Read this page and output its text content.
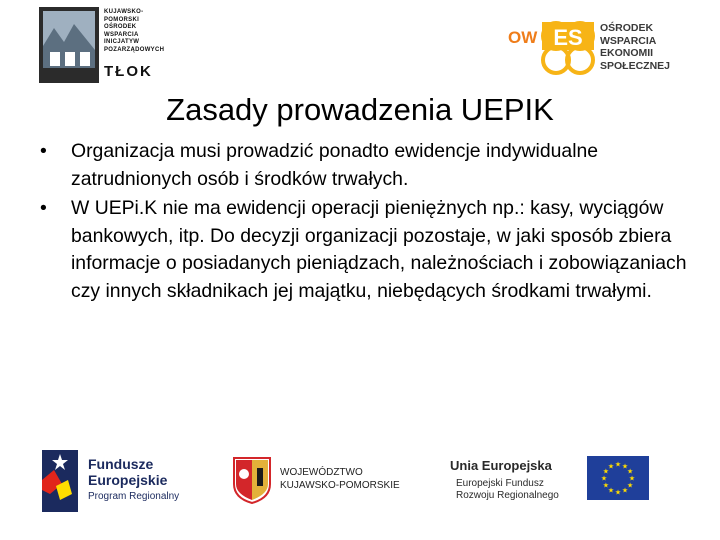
KUJAWSKO-
POMORSKI
OŚRODEK
WSPARCIA
INICJATYW
POZARZĄDOWYCH
TŁOK
OW ES OŚRODEK
WSPARCIA
EKONOMII
SPOŁECZNEJ
Zasady prowadzenia UEPIK
• Organizacja musi prowadzić ponadto ewidencje indywidualne zatrudnionych osób i środków trwałych.
• W UEPi.K nie ma ewidencji operacji pieniężnych np.: kasy, wyciągów bankowych, itp. Do decyzji organizacji pozostaje, w jaki sposób zbiera informacje o posiadanych pieniądzach, należnościach i zobowiązaniach czy innych składnikach jej majątku, niebędących środkami trwałymi.
Fundusze
Europejskie
Program Regionalny
WOJEWÓDZTWO
KUJAWSKO-POMORSKIE
Unia Europejska
Europejski Fundusz
Rozwoju Regionalnego
★
★
★
★
★
★
★
★
★ ★ ★
★
